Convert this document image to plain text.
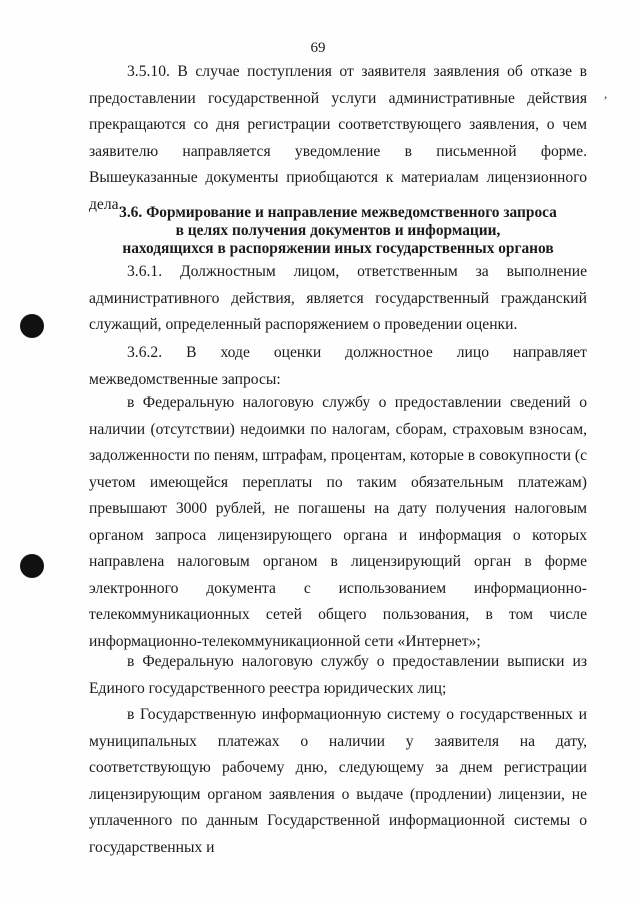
69
,

3.5.10. В случае поступления от заявителя заявления об отказе в предоставлении государственной услуги административные действия прекращаются со дня регистрации соответствующего заявления, о чем заявителю направляется уведомление в письменной форме. Вышеуказанные документы приобщаются к материалам лицензионного дела.

3.6. Формирование и направление межведомственного запроса
в целях получения документов и информации,
находящихся в распоряжении иных государственных органов

3.6.1. Должностным лицом, ответственным за выполнение административного действия, является государственный гражданский служащий, определенный распоряжением о проведении оценки.

3.6.2. В ходе оценки должностное лицо направляет межведомственные запросы:

в Федеральную налоговую службу о предоставлении сведений о наличии (отсутствии) недоимки по налогам, сборам, страховым взносам, задолженности по пеням, штрафам, процентам, которые в совокупности (с учетом имеющейся переплаты по таким обязательным платежам) превышают 3000 рублей, не погашены на дату получения налоговым органом запроса лицензирующего органа и информация о которых направлена налоговым органом в лицензирующий орган в форме электронного документа с использованием информационно-телекоммуникационных сетей общего пользования, в том числе информационно-телекоммуникационной сети «Интернет»;

в Федеральную налоговую службу о предоставлении выписки из Единого государственного реестра юридических лиц;

в Государственную информационную систему о государственных и муниципальных платежах о наличии у заявителя на дату, соответствующую рабочему дню, следующему за днем регистрации лицензирующим органом заявления о выдаче (продлении) лицензии, не уплаченного по данным Государственной информационной системы о государственных и
